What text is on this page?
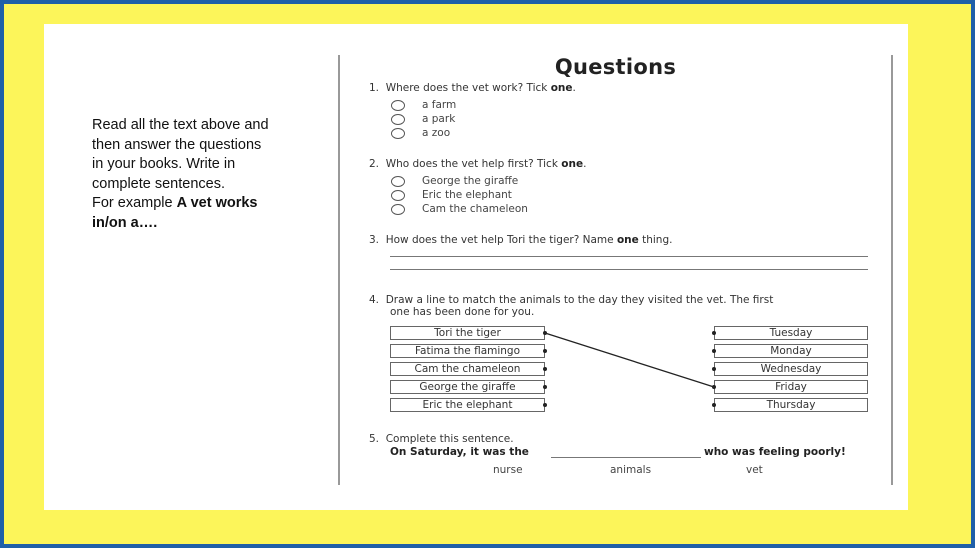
Read all the text above and
then answer the questions
in your books. Write in
complete sentences.
For example A vet works
in/on a….
Questions
1. Where does the vet work? Tick one.
a farm
a park
a zoo
2. Who does the vet help first? Tick one.
George the giraffe
Eric the elephant
Cam the chameleon
3. How does the vet help Tori the tiger? Name one thing.
4. Draw a line to match the animals to the day they visited the vet. The first
one has been done for you.
Tori the tiger
Fatima the flamingo
Cam the chameleon
George the giraffe
Eric the elephant
Tuesday
Monday
Wednesday
Friday
Thursday
5. Complete this sentence.
On Saturday, it was the	who was feeling poorly!
nurse	animals	vet
